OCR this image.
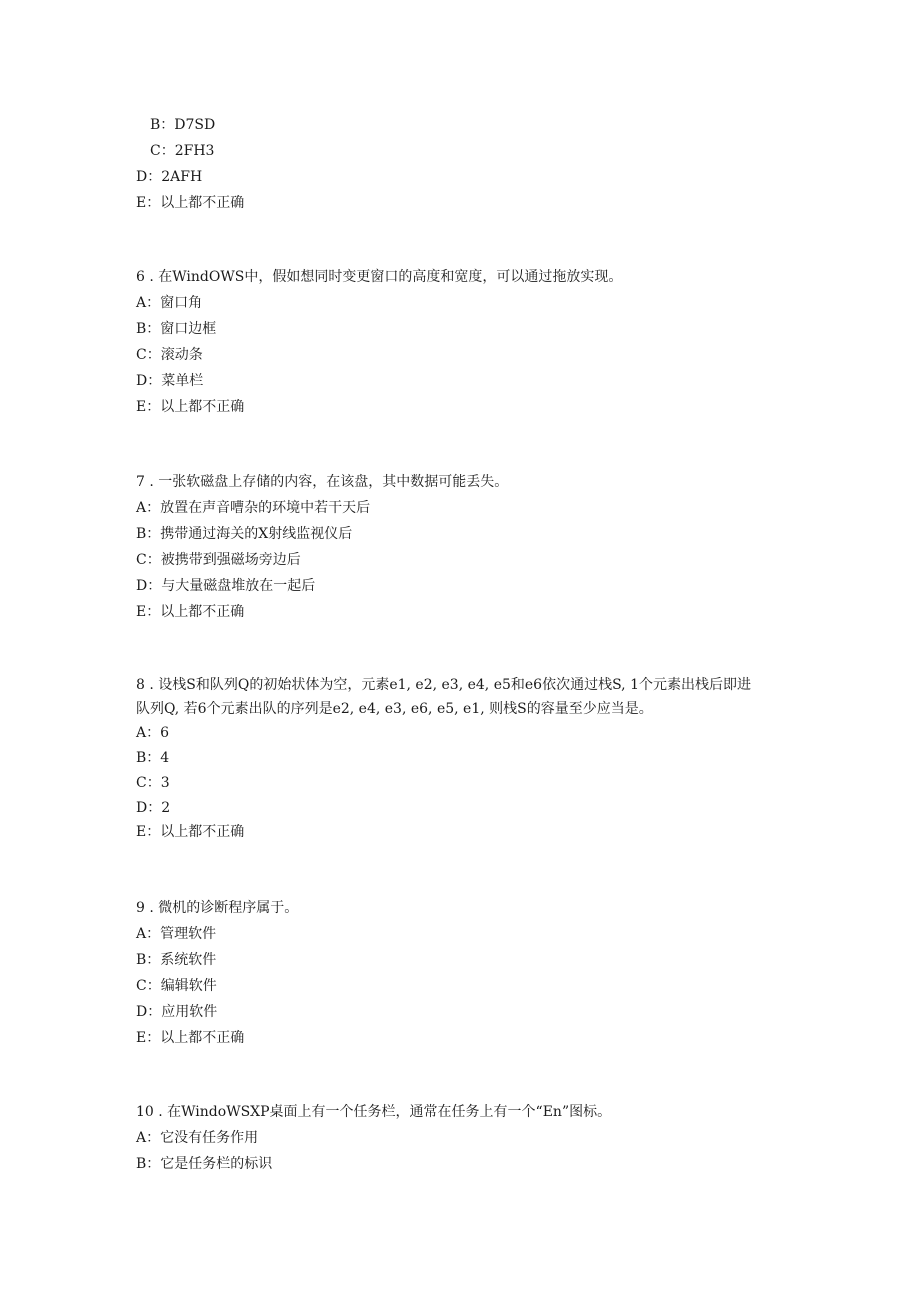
B：D7SD
C：2FH3
D：2AFH
E：以上都不正确
6 . 在WindOWS中，假如想同时变更窗口的高度和宽度，可以通过拖放实现。
A：窗口角
B：窗口边框
C：滚动条
D：菜单栏
E：以上都不正确
7 . 一张软磁盘上存储的内容，在该盘，其中数据可能丢失。
A：放置在声音嘈杂的环境中若干天后
B：携带通过海关的X射线监视仪后
C：被携带到强磁场旁边后
D：与大量磁盘堆放在一起后
E：以上都不正确
8 . 设栈S和队列Q的初始状体为空，元素e1, e2, e3, e4, e5和e6依次通过栈S, 1个元素出栈后即进
队列Q, 若6个元素出队的序列是e2, e4, e3, e6, e5, e1, 则栈S的容量至少应当是。
A：6
B：4
C：3
D：2
E：以上都不正确
9 . 微机的诊断程序属于。
A：管理软件
B：系统软件
C：编辑软件
D：应用软件
E：以上都不正确
10 . 在WindoWSXP桌面上有一个任务栏，通常在任务上有一个“En”图标。
A：它没有任务作用
B：它是任务栏的标识
